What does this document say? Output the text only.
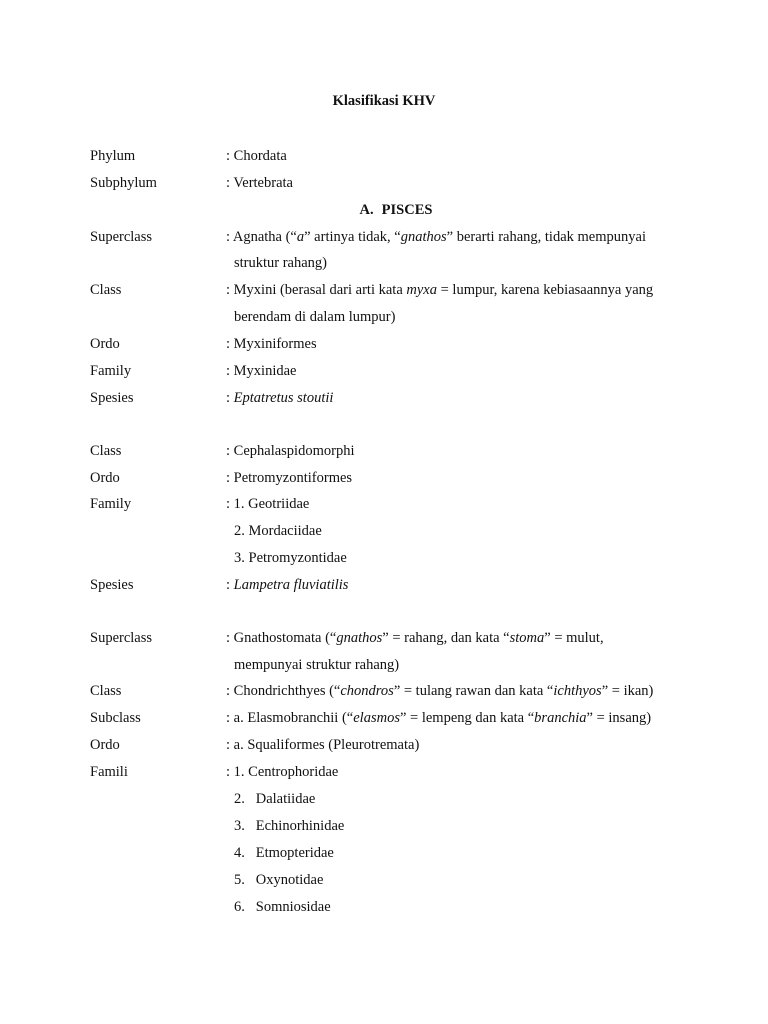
Klasifikasi KHV
Phylum	: Chordata
Subphylum	: Vertebrata
A. PISCES
Superclass	: Agnatha (“a” artinya tidak, “gnathos” berarti rahang, tidak mempunyai
struktur rahang)
Class	: Myxini (berasal dari arti kata myxa = lumpur, karena kebiasaannya yang
berendam di dalam lumpur)
Ordo	: Myxiniformes
Family	: Myxinidae
Spesies	: Eptatretus stoutii
Class	: Cephalaspidomorphi
Ordo	: Petromyzontiformes
Family	: 1. Geotriidae
2. Mordaciidae
3. Petromyzontidae
Spesies	: Lampetra fluviatilis
Superclass	: Gnathostomata (“gnathos” = rahang, dan kata “stoma” = mulut,
mempunyai struktur rahang)
Class	: Chondrichthyes (“chondros” = tulang rawan dan kata “ichthyos” = ikan)
Subclass	: a. Elasmobranchii (“elasmos” = lempeng dan kata “branchia” = insang)
Ordo	: a. Squaliformes (Pleurotremata)
Famili	: 1. Centrophoridae
2.   Dalatiidae
3.   Echinorhinidae
4.   Etmopteridae
5.   Oxynotidae
6.   Somniosidae
